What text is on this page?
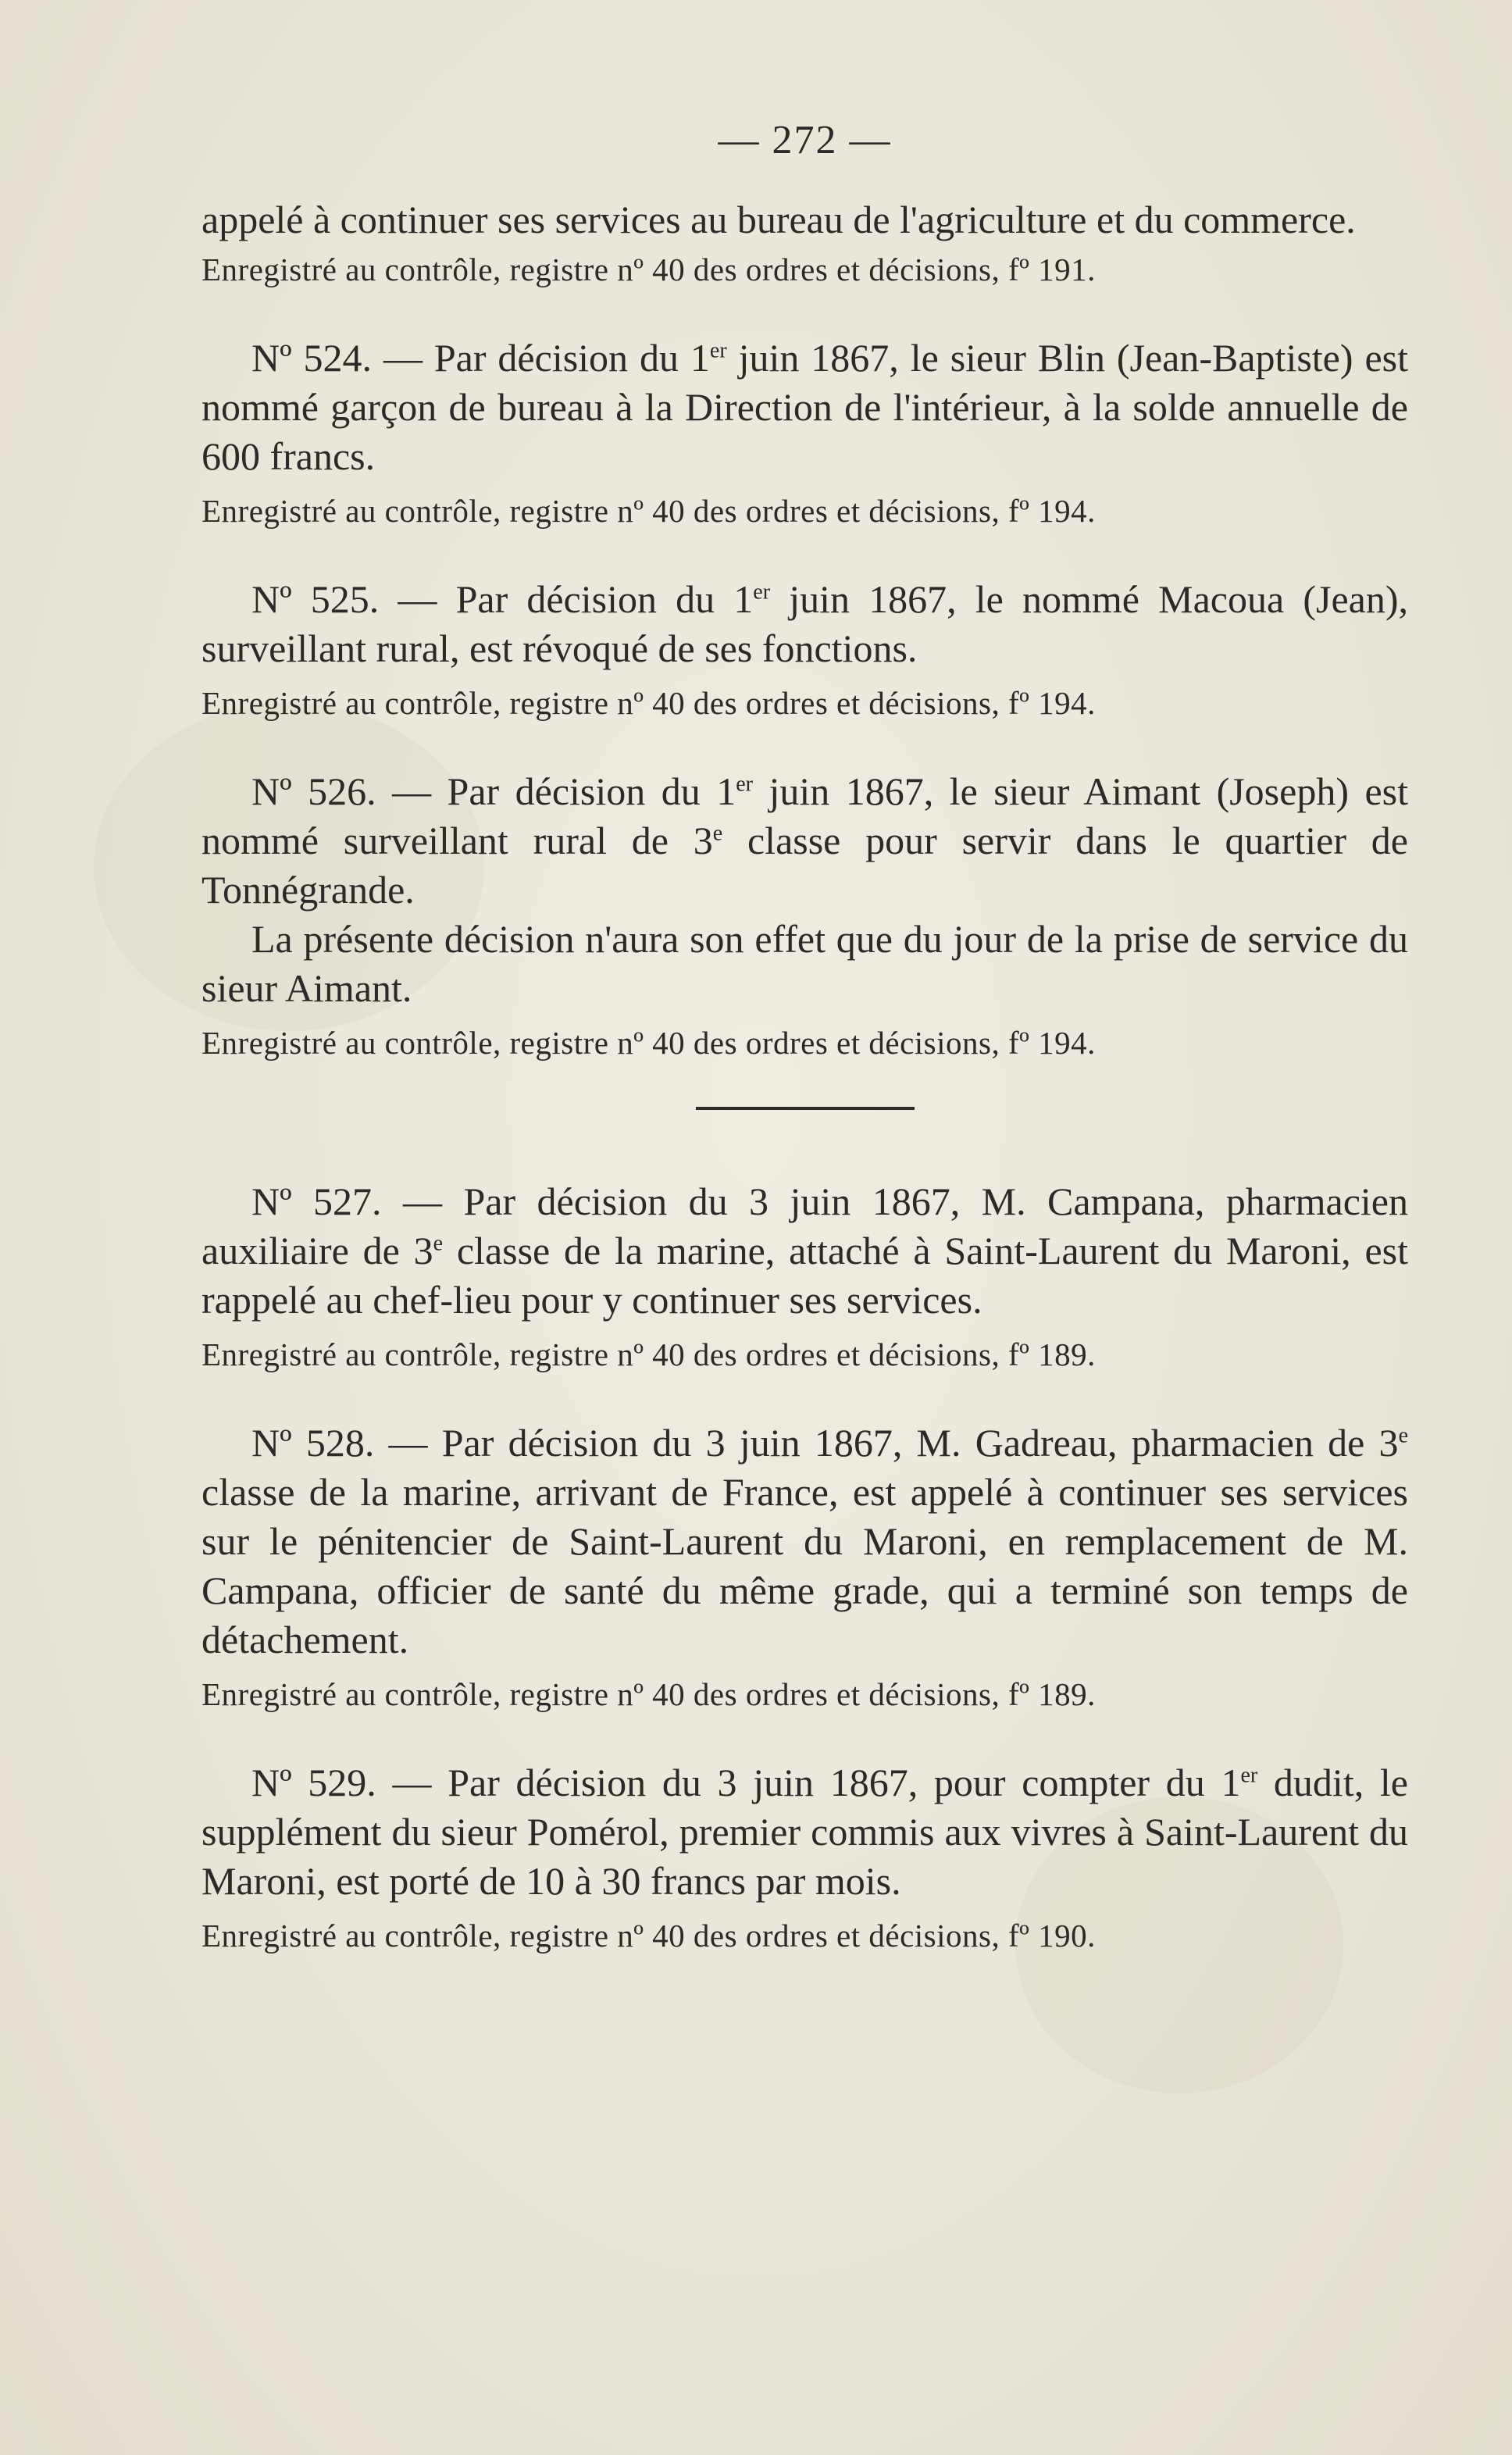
— 272 —

appelé à continuer ses services au bureau de l'agriculture et du commerce.

Enregistré au contrôle, registre nº 40 des ordres et décisions, fº 191.

Nº 524. — Par décision du 1er juin 1867, le sieur Blin (Jean-Baptiste) est nommé garçon de bureau à la Direction de l'intérieur, à la solde annuelle de 600 francs.

Enregistré au contrôle, registre nº 40 des ordres et décisions, fº 194.

Nº 525. — Par décision du 1er juin 1867, le nommé Macoua (Jean), surveillant rural, est révoqué de ses fonctions.

Enregistré au contrôle, registre nº 40 des ordres et décisions, fº 194.

Nº 526. — Par décision du 1er juin 1867, le sieur Aimant (Joseph) est nommé surveillant rural de 3e classe pour servir dans le quartier de Tonnégrande.

La présente décision n'aura son effet que du jour de la prise de service du sieur Aimant.

Enregistré au contrôle, registre nº 40 des ordres et décisions, fº 194.

Nº 527. — Par décision du 3 juin 1867, M. Campana, pharmacien auxiliaire de 3e classe de la marine, attaché à Saint-Laurent du Maroni, est rappelé au chef-lieu pour y continuer ses services.

Enregistré au contrôle, registre nº 40 des ordres et décisions, fº 189.

Nº 528. — Par décision du 3 juin 1867, M. Gadreau, pharmacien de 3e classe de la marine, arrivant de France, est appelé à continuer ses services sur le pénitencier de Saint-Laurent du Maroni, en remplacement de M. Campana, officier de santé du même grade, qui a terminé son temps de détachement.

Enregistré au contrôle, registre nº 40 des ordres et décisions, fº 189.

Nº 529. — Par décision du 3 juin 1867, pour compter du 1er dudit, le supplément du sieur Pomérol, premier commis aux vivres à Saint-Laurent du Maroni, est porté de 10 à 30 francs par mois.

Enregistré au contrôle, registre nº 40 des ordres et décisions, fº 190.
